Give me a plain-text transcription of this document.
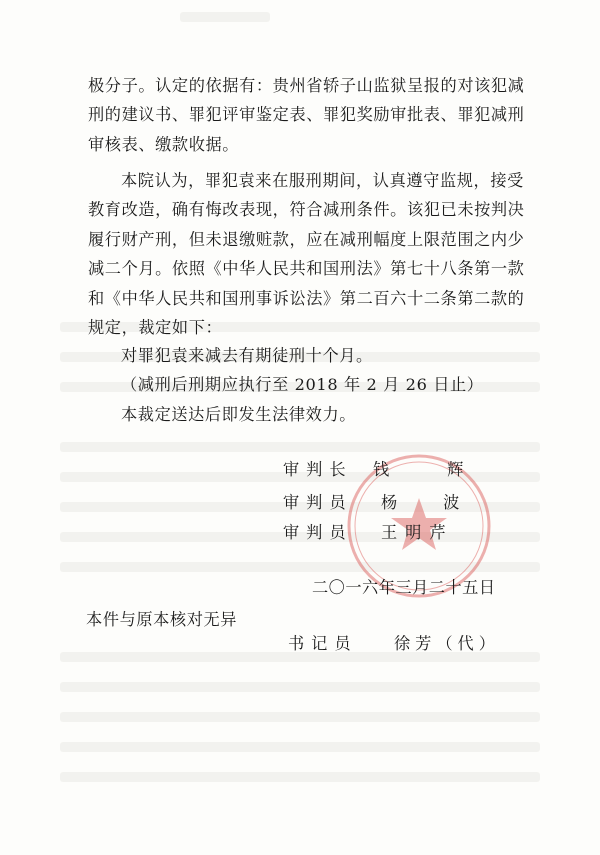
极分子。认定的依据有：贵州省轿子山监狱呈报的对该犯减
刑的建议书、罪犯评审鉴定表、罪犯奖励审批表、罪犯减刑
审核表、缴款收据。
本院认为，罪犯袁来在服刑期间，认真遵守监规，接受
教育改造，确有悔改表现，符合减刑条件。该犯已未按判决
履行财产刑，但未退缴赃款，应在减刑幅度上限范围之内少
减二个月。依照《中华人民共和国刑法》第七十八条第一款
和《中华人民共和国刑事诉讼法》第二百六十二条第二款的
规定，裁定如下：
对罪犯袁来减去有期徒刑十个月。
（减刑后刑期应执行至 2018 年 2 月 26 日止）
本裁定送达后即发生法律效力。
审判长 钱辉
审判员 杨波
审判员 王明芹
二〇一六年三月二十五日
本件与原本核对无异
书记员 徐芳（代）
